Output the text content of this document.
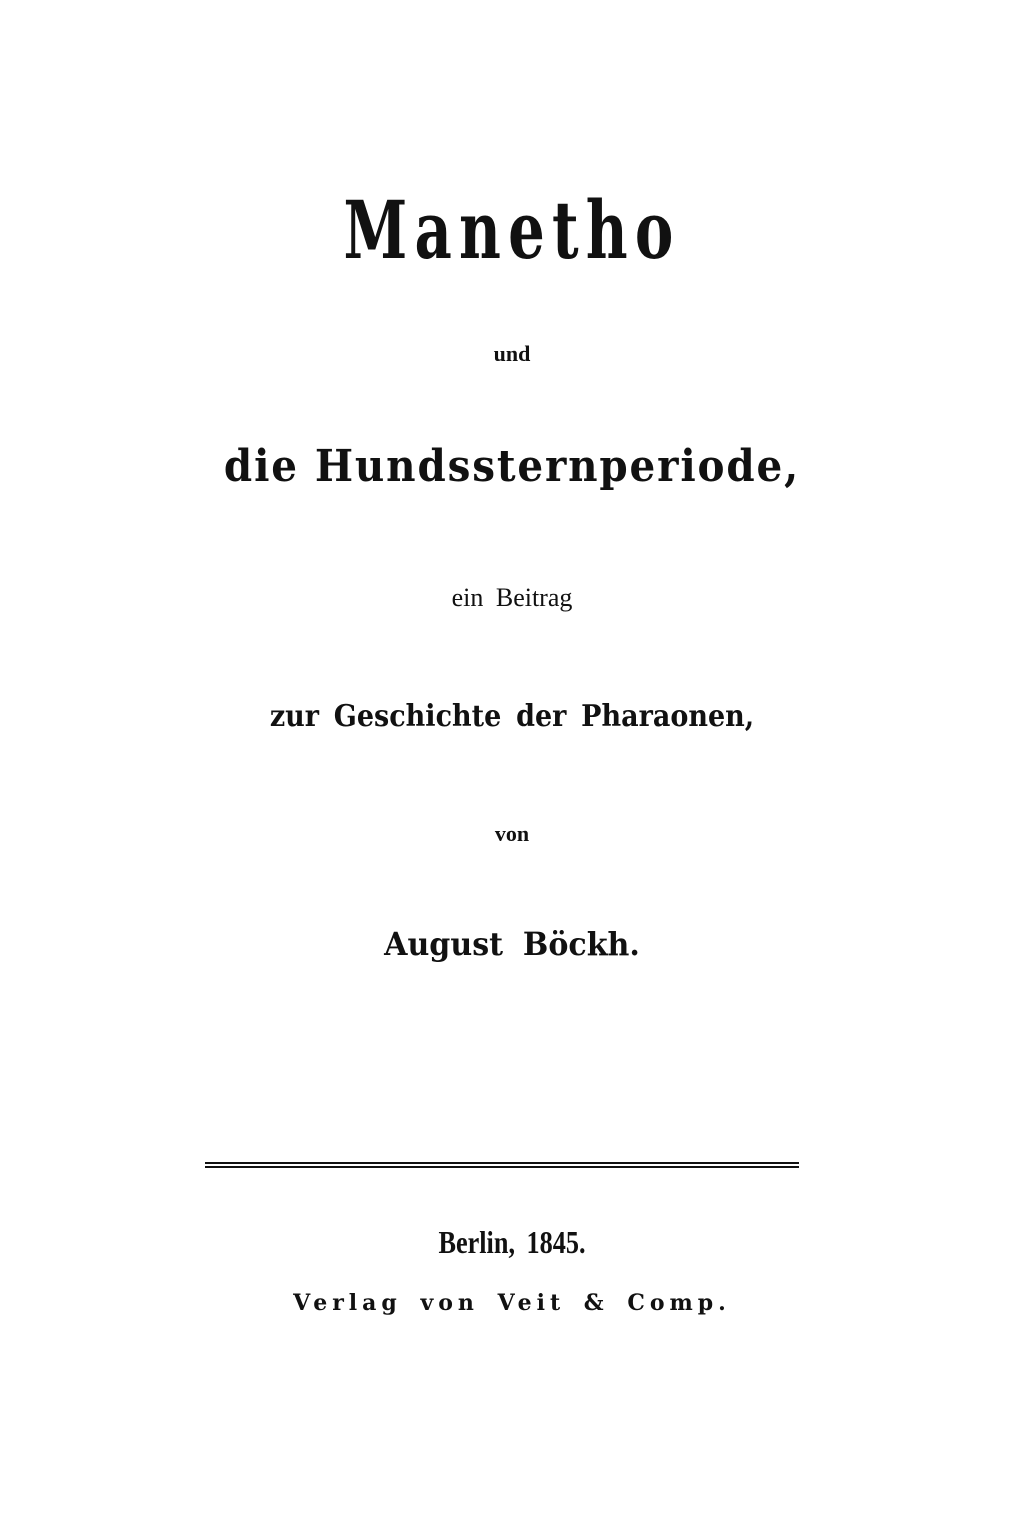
Manetho
und
die Hundssternperiode,
ein Beitrag
zur Geschichte der Pharaonen,
von
August Böckh.
Berlin, 1845.
Verlag von Veit & Comp.
